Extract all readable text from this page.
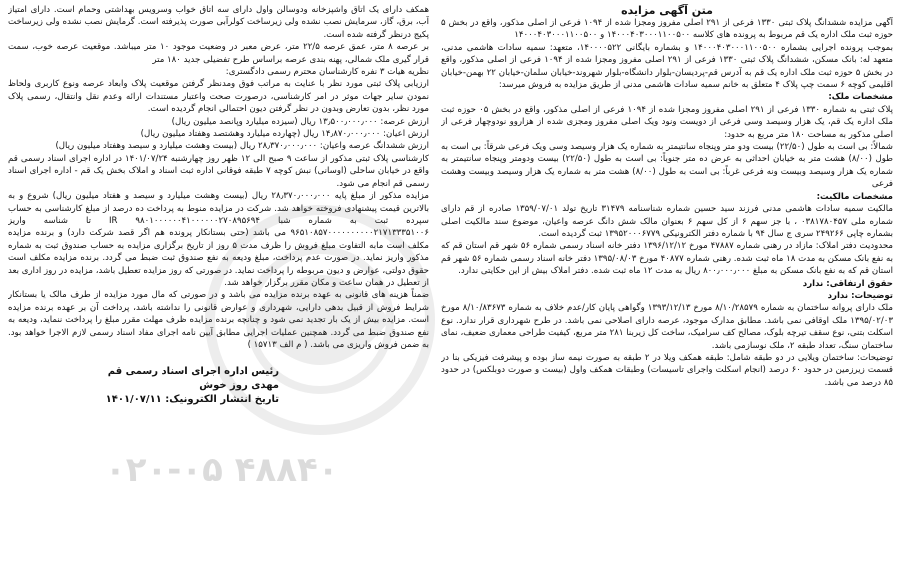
متن آگهی مزایده

آگهی مزایده ششدانگ پلاک ثبتی ۱۳۳۰ فرعی از ۲۹۱ اصلی مفروز ومجزا شده از ۱۰۹۴ فرعی از اصلی مذکور، واقع در بخش ۵ حوزه ثبت ملک اداره یک قم مربوط به پرونده های کلاسه ۱۴۰۰۰۴۰۳۰۰۰۱۱۰۰۵۰۰ و ۱۴۰۰۰۴۰۳۰۰۰۱۱۰۰۵۰۰

بموجب پرونده اجرایی بشماره ۱۴۰۰۰۴۰۳۰۰۰۱۱۰۰۵۰۰ و بشماره بایگانی ۱۴۰۰۰۰۵۲۲، متعهد: سمیه سادات هاشمی مدنی، متعهد له: بانک مسکن، ششدانگ پلاک ثبتی ۱۳۳۰ فرعی از ۲۹۱ اصلی مفروز ومجزا شده از ۱۰۹۴ فرعی از اصلی مذکور، واقع در بخش ۵ حوزه ثبت ملک اداره یک قم به آدرس قم-پردیسان-بلوار دانشگاه-بلوار شهروند-خیابان سلمان-خیابان ۲۲ بهمن-خیابان اقلیمی کوچه ۶ سمت چپ پلاک ۴ متعلق به خانم سمیه سادات هاشمی مدنی از طریق مزایده به فروش میرسد:

مشخصات ملک:

پلاک ثبتی به شماره ۱۳۳۰ فرعی از ۲۹۱ اصلی مفروز ومجزا شده از ۱۰۹۴ فرعی از اصلی مذکور، واقع در بخش ۰۵ حوزه ثبت ملک اداره یک قم، یک هزار وسیصد وسی فرعی از دویست ونود ویک اصلی مفروز ومجزی شده از هزاروو نودوچهار فرعی از اصلی مذکور به مساحت ۱۸۰ متر مربع به حدود:

شمالاً: بی است به طول (۲۲/۵۰) بیست ودو متر وپنجاه سانتیمتر به شماره یک هزار وسیصد وسی ویک فرعی شرقاً: بی است به طول (۸/۰۰) هشت متر به خیابان احداثی به عرض ده متر جنوباً: بی است به طول (۲۲/۵۰) بیست ودومتر وپنجاه سانتیمتر به شماره یک هزار وسیصد وبیست ونه فرعی غرباً: بی است به طول (۸/۰۰) هشت متر به شماره یک هزار وسیصد وبیست وهشت فرعی

مشخصات مالکیت:

مالکیت سمیه سادات هاشمی مدنی فرزند سید حسین شماره شناسنامه ۳۱۴۷۹ تاریخ تولد ۱۳۵۹/۰۷/۰۱ صادره از قم دارای شماره ملی ۰۳۸۱۷۸۰۴۵۷ ، با جز سهم ۶ از کل سهم ۶ بعنوان مالک شش دانگ عرصه واعیان، موضوع سند مالکیت اصلی بشماره چاپی ۲۴۹۲۶۶ سری ج سال ۹۴ با شماره دفتر الکترونیکی ۱۳۹۵۲۰۰۰۶۷۷۹ ثبت گردیده است.

محدودیت دفتر املاک: مازاد در رهنی شماره ۴۷۸۸۷ مورخ ۱۳۹۶/۱۲/۱۲ دفتر خانه اسناد رسمی شماره ۵۶ شهر قم استان قم که به نفع بانک مسکن به مدت ۱۸ ماه ثبت شده. رهنی شماره ۴۰۸۷۷ مورخ ۱۳۹۵/۰۸/۰۳ دفتر خانه اسناد رسمی شماره ۵۶ شهر قم استان قم که به نفع بانک مسکن به مبلغ ۸۰۰٫۰۰۰٫۰۰۰ ریال به مدت ۱۲ ماه ثبت شده. دفتر املاک بیش از این حکایتی ندارد.

حقوق ارتفاقی: ندارد

توضیحات: ندارد

ملک دارای پروانه ساختمان به شماره ۸/۱۰/۲۸۵۷۹ مورخ ۱۳۹۳/۱۲/۱۳ وگواهی پایان کار/عدم خلاف به شماره ۸/۱۰/۸۳۶۷۳ مورخ ۱۳۹۵/۰۲/۰۳ ملک اوقافی نمی باشد. مطابق مدارک موجود، عرصه دارای اصلاحی نمی باشد. در طرح شهرداری قرار ندارد. نوع اسکلت بتنی، نوع سقف تیرچه بلوک، مصالح کف سرامیک، ساخت کل زیربنا ۲۸۱ متر مربع، کیفیت طراحی معماری ضعیف، نمای ساختمان سنگ، تعداد طبقه ۲، ملک نوسازمی باشد.

توضیحات: ساختمان ویلایی در دو طبقه شامل: طبقه همکف ویلا در ۲ طبقه به صورت نیمه ساز بوده و پیشرفت فیزیکی بنا در قسمت زیرزمین در حدود ۶۰ درصد (انجام اسکلت واجرای تاسیسات) وطبقات همکف واول (بیست و صورت دوبلکس) در حدود ۸۵ درصد می باشد.

همکف دارای یک اتاق واشپزخانه ودوسالن واول دارای سه اتاق خواب وسرویس بهداشتی وحمام است. دارای امتیاز آب، برق، گاز، سرمایش نصب نشده ولی زیرساخت کولرآبی صورت پذیرفته است. گرمایش نصب نشده ولی زیرساخت پکیج درنظر گرفته شده است.

بر عرصه ۸ متر، عمق عرصه ۲۲/۵ متر، عرض معبر در وضعیت موجود ۱۰ متر میباشد. موقعیت عرصه خوب، سمت قرار گیری ملک شمالی، پهنه بندی عرصه براساس طرح تفضیلی جدید ۱۸۰ متر

نظریه هیات ۳ نفره کارشناسان محترم رسمی دادگستری:

ارزیابی پلاک ثبتی مورد نظر با عنایت به مراتب فوق ومدنظر گرفتن موقعیت پلاک وابعاد عرصه ونوع کاربری ولحاظ نمودن سایر جهات موثر در امر کارشناسی، درصورت صحت واعتبار مستندات ارائه وعدم نقل وانتقال، رسمی پلاک مورد نظر، بدون تعارض وبدون در نظر گرفتن دیون احتمالی انجام گردیده است.

ارزش عرصه: ۱۳٫۵۰۰٫۰۰۰٫۰۰۰ ریال (سیزده میلیارد وپانصد میلیون ریال)

ارزش اعیان: ۱۴٫۸۷۰٫۰۰۰٫۰۰۰ ریال (چهارده میلیارد وهشتصد وهفتاد میلیون ریال)

ارزش ششدانگ عرصه واعیان: ۲۸٫۳۷۰٫۰۰۰٫۰۰۰ ریال (بیست وهشت میلیارد و سیصد وهفتاد میلیون ریال)

کارشناسی پلاک ثبتی مذکور از ساعت ۹ صبح الی ۱۲ ظهر روز چهارشنبه ۱۴۰۱/۰۷/۲۴ در اداره اجرای اسناد رسمی قم واقع در خیابان ساحلی (اوسانی) نبش کوچه ۷ طبقه فوقانی اداره ثبت اسناد و املاک بخش یک قم - اداره اجرای اسناد رسمی قم انجام می شود.

مزایده مذکور از مبلغ پایه ۲۸٫۳۷۰٫۰۰۰٫۰۰۰ ریال (بیست وهشت میلیارد و سیصد و هفتاد میلیون ریال) شروع و به بالاترین قیمت پیشنهادی فروخته خواهد شد. شرکت در مزایده منوط به پرداخت ده درصد از مبلغ کارشناسی به حساب سپرده ثبت به شماره شبا IR ۹۸۰۱۰۰۰۰۰۰۴۱۰۰۰۰۰۰۲۷۰۸۹۵۶۹۴ تا شناسه واریز ۹۶۵۱۰۸۵۷۰۰۰۰۰۰۰۰۰۰۲۱۷۱۳۳۳۵۱۰۰۶ می باشد (حتی بستانکار پرونده هم اگر قصد شرکت دارد) و برنده مزایده مکلف است مابه التفاوت مبلغ فروش را ظرف مدت ۵ روز از تاریخ برگزاری مزایده به حساب صندوق ثبت به شماره مذکور واریز نماید. در صورت عدم پرداخت، مبلغ ودیعه به نفع صندوق ثبت ضبط می گردد. برنده مزایده مکلف است حقوق دولتی، عوارض و دیون مربوطه را پرداخت نماید. در صورتی که روز مزایده تعطیل باشد، مزایده در روز اداری بعد از تعطیل در همان ساعت و مکان مقرر برگزار خواهد شد.

ضمناً هزینه های قانونی به عهده برنده مزایده می باشد و در صورتی که مال مورد مزایده از طرف مالک یا بستانکار شرایط فروش از قبیل بدهی دارایی، شهرداری و عوارض قانونی را نداشته باشد، پرداخت آن بر عهده برنده مزایده است. مزایده بیش از یک بار تجدید نمی شود و چنانچه برنده مزایده ظرف مهلت مقرر مبلغ را پرداخت ننماید، ودیعه به نفع صندوق ضبط می گردد. همچنین عملیات اجرایی مطابق آیین نامه اجرای مفاد اسناد رسمی لازم الاجرا خواهد بود. به ضمن فروش واریزی می باشد. ( م الف ۱۵۷۱۳ )

رئیس اداره اجرای اسناد رسمی قم
مهدی روز خوش
تاریخ انتشار الکترونیک: ۱۴۰۱/۰۷/۱۱
۰۲۰-۰۵ ۴۸۸۴۰
